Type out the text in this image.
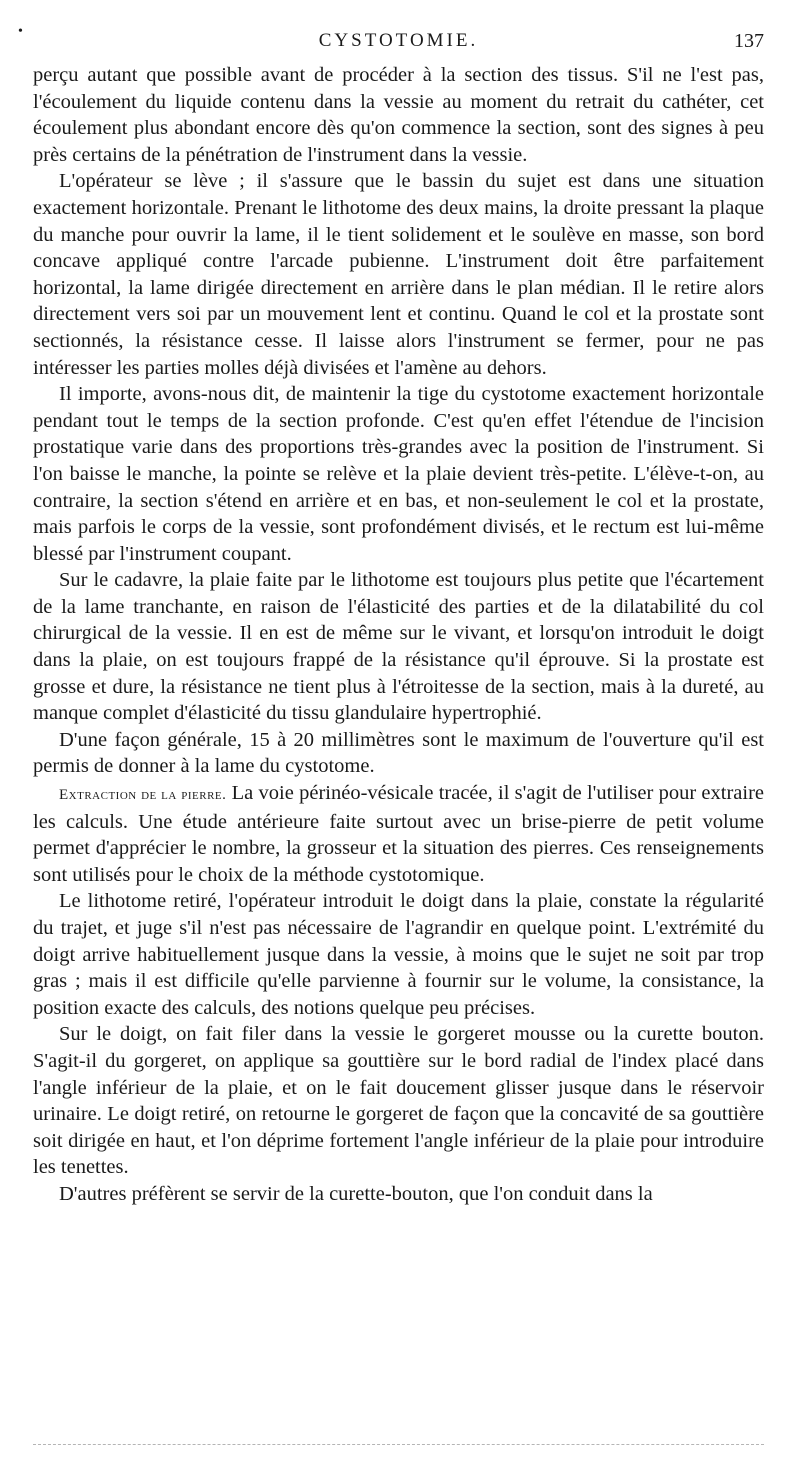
•	CYSTOTOMIE.	137

perçu autant que possible avant de procéder à la section des tissus. S'il ne l'est pas, l'écoulement du liquide contenu dans la vessie au moment du retrait du cathéter, cet écoulement plus abondant encore dès qu'on commence la section, sont des signes à peu près certains de la pénétration de l'instrument dans la vessie.

L'opérateur se lève ; il s'assure que le bassin du sujet est dans une situation exactement horizontale. Prenant le lithotome des deux mains, la droite pressant la plaque du manche pour ouvrir la lame, il le tient solidement et le soulève en masse, son bord concave appliqué contre l'arcade pubienne. L'instrument doit être parfaitement horizontal, la lame dirigée directement en arrière dans le plan médian. Il le retire alors directement vers soi par un mouvement lent et continu. Quand le col et la prostate sont sectionnés, la résistance cesse. Il laisse alors l'instrument se fermer, pour ne pas intéresser les parties molles déjà divisées et l'amène au dehors.

Il importe, avons-nous dit, de maintenir la tige du cystotome exactement horizontale pendant tout le temps de la section profonde. C'est qu'en effet l'étendue de l'incision prostatique varie dans des proportions très-grandes avec la position de l'instrument. Si l'on baisse le manche, la pointe se relève et la plaie devient très-petite. L'élève-t-on, au contraire, la section s'étend en arrière et en bas, et non-seulement le col et la prostate, mais parfois le corps de la vessie, sont profondément divisés, et le rectum est lui-même blessé par l'instrument coupant.

Sur le cadavre, la plaie faite par le lithotome est toujours plus petite que l'écartement de la lame tranchante, en raison de l'élasticité des parties et de la dilatabilité du col chirurgical de la vessie. Il en est de même sur le vivant, et lorsqu'on introduit le doigt dans la plaie, on est toujours frappé de la résistance qu'il éprouve. Si la prostate est grosse et dure, la résistance ne tient plus à l'étroitesse de la section, mais à la dureté, au manque complet d'élasticité du tissu glandulaire hypertrophié.

D'une façon générale, 15 à 20 millimètres sont le maximum de l'ouverture qu'il est permis de donner à la lame du cystotome.

Extraction de la pierre. La voie périnéo-vésicale tracée, il s'agit de l'utiliser pour extraire les calculs. Une étude antérieure faite surtout avec un brise-pierre de petit volume permet d'apprécier le nombre, la grosseur et la situation des pierres. Ces renseignements sont utilisés pour le choix de la méthode cystotomique.

Le lithotome retiré, l'opérateur introduit le doigt dans la plaie, constate la régularité du trajet, et juge s'il n'est pas nécessaire de l'agrandir en quelque point. L'extrémité du doigt arrive habituellement jusque dans la vessie, à moins que le sujet ne soit par trop gras ; mais il est difficile qu'elle parvienne à fournir sur le volume, la consistance, la position exacte des calculs, des notions quelque peu précises.

Sur le doigt, on fait filer dans la vessie le gorgeret mousse ou la curette bouton. S'agit-il du gorgeret, on applique sa gouttière sur le bord radial de l'index placé dans l'angle inférieur de la plaie, et on le fait doucement glisser jusque dans le réservoir urinaire. Le doigt retiré, on retourne le gorgeret de façon que la concavité de sa gouttière soit dirigée en haut, et l'on déprime fortement l'angle inférieur de la plaie pour introduire les tenettes.

D'autres préfèrent se servir de la curette-bouton, que l'on conduit dans la
